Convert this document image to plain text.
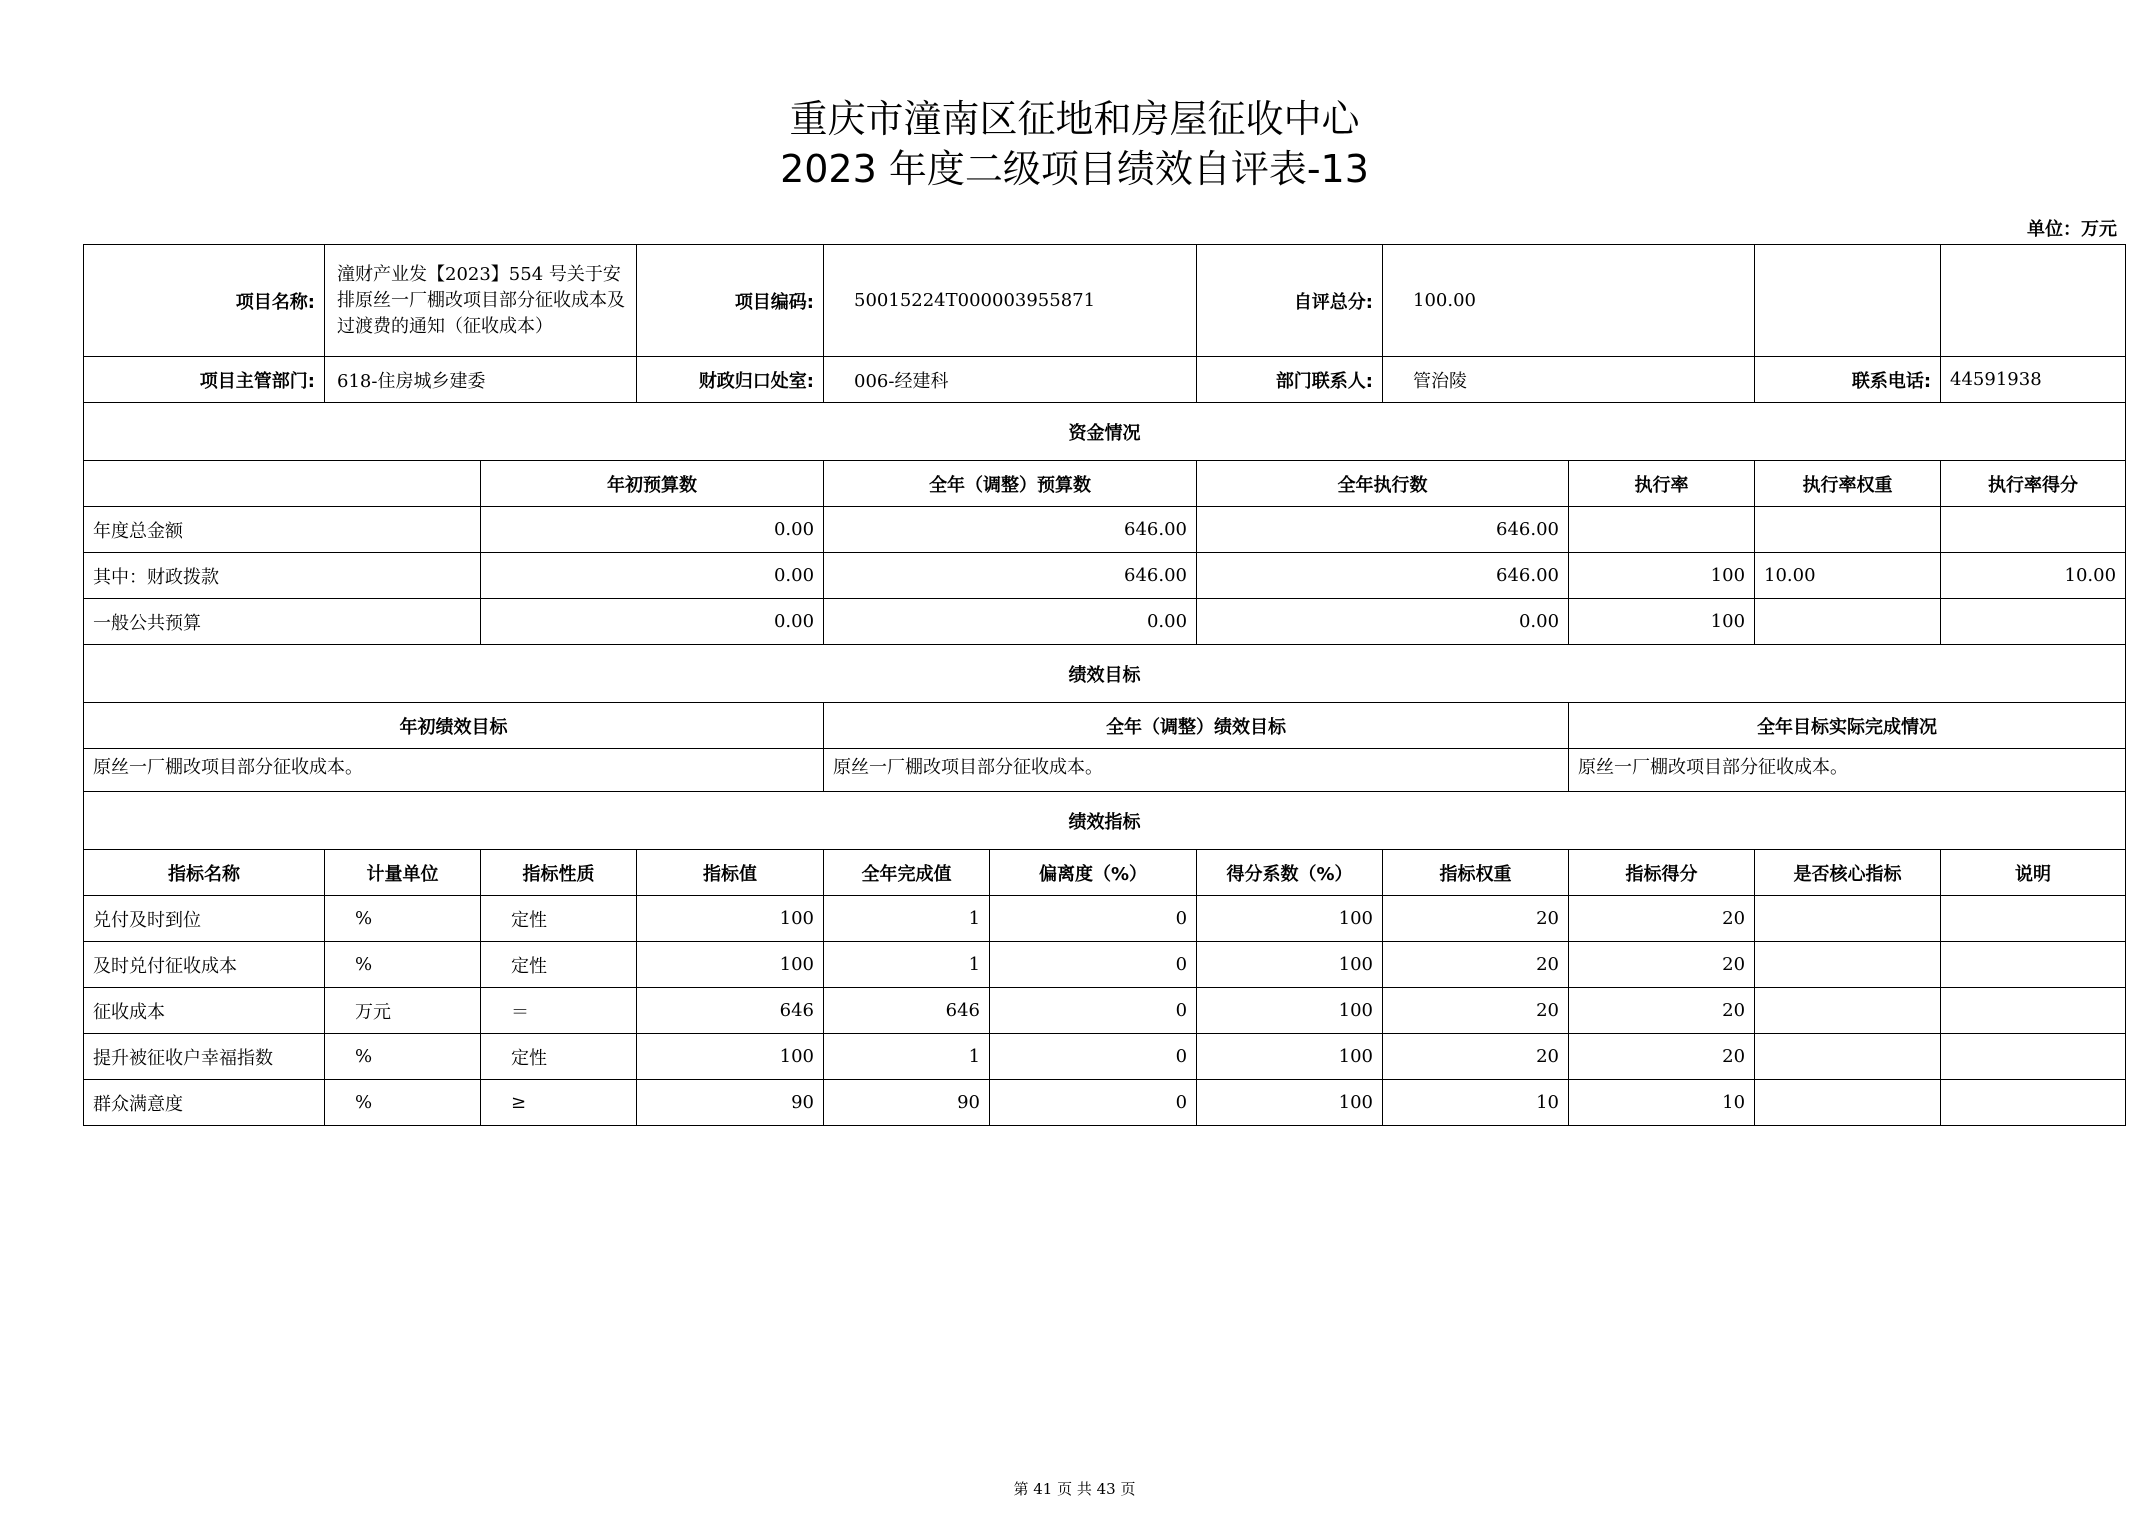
重庆市潼南区征地和房屋征收中心
2023 年度二级项目绩效自评表-13
单位：万元
项目名称:	潼财产业发【2023】554 号关于安排原丝一厂棚改项目部分征收成本及过渡费的通知（征收成本）		项目编码:	50015224T000003955871		自评总分:	100.00			
项目主管部门:	618-住房城乡建委		财政归口处室:	006-经建科		部门联系人:	管治陵		联系电话:	44591938
资金情况										
		年初预算数		全年（调整）预算数		全年执行数		执行率	执行率权重	执行率得分
年度总金额		0.00		646.00		646.00				
其中：财政拨款		0.00		646.00		646.00		100	10.00	10.00
一般公共预算		0.00		0.00		0.00		100		
绩效目标										
年初绩效目标				全年（调整）绩效目标				全年目标实际完成情况		
原丝一厂棚改项目部分征收成本。				原丝一厂棚改项目部分征收成本。				原丝一厂棚改项目部分征收成本。		
绩效指标										
指标名称	计量单位	指标性质	指标值	全年完成值	偏离度（%）	得分系数（%）	指标权重	指标得分	是否核心指标	说明
兑付及时到位	%	定性	100	1	0	100	20	20		
及时兑付征收成本	%	定性	100	1	0	100	20	20		
征收成本	万元	＝	646	646	0	100	20	20		
提升被征收户幸福指数	%	定性	100	1	0	100	20	20		
群众满意度	%	≥	90	90	0	100	10	10		
第 41 页 共 43 页
